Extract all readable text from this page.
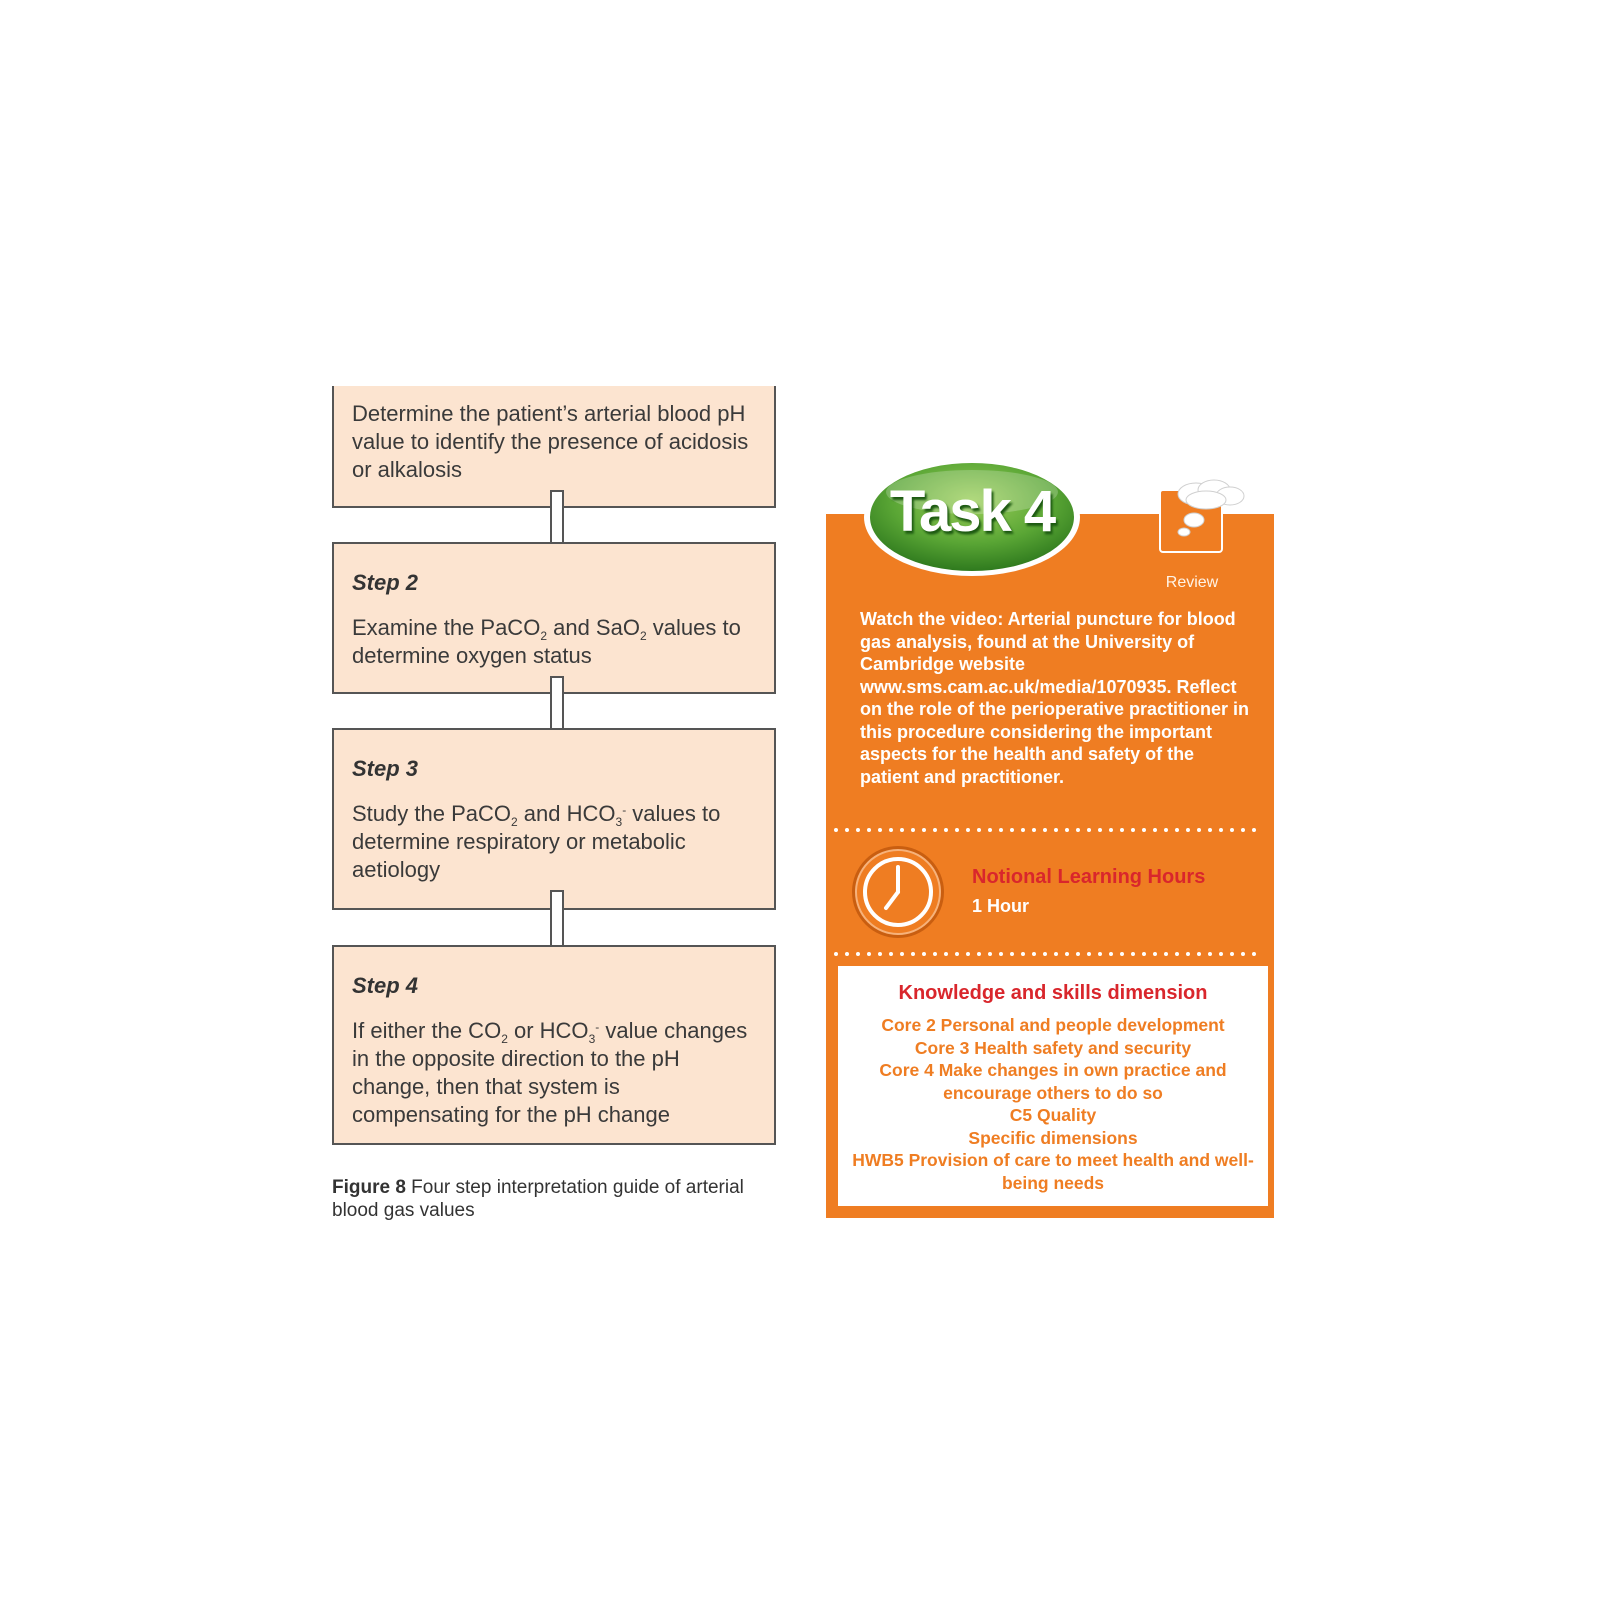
Determine the patient’s arterial blood pH value to identify the presence of acidosis or alkalosis

Step 2

Examine the PaCO$_2$ and SaO$_2$ values to determine oxygen status

Step 3

Study the PaCO$_2$ and $HCO_3^-$ values to determine respiratory or metabolic aetiology

Step 4

If either the $CO_2$ or $HCO_3^-$ value changes in the opposite direction to the pH change, then that system is compensating for the pH change

Figure 8 Four step interpretation guide of arterial blood gas values

Task 4

Review

Watch the video: Arterial puncture for blood gas analysis, found at the University of Cambridge website www.sms.cam.ac.uk/media/1070935. Reflect on the role of the perioperative practitioner in this procedure considering the important aspects for the health and safety of the patient and practitioner.

Notional Learning Hours

1 Hour

Knowledge and skills dimension

Core 2 Personal and people development
Core 3 Health safety and security
Core 4 Make changes in own practice and encourage others to do so
C5 Quality
Specific dimensions
HWB5 Provision of care to meet health and well-being needs
